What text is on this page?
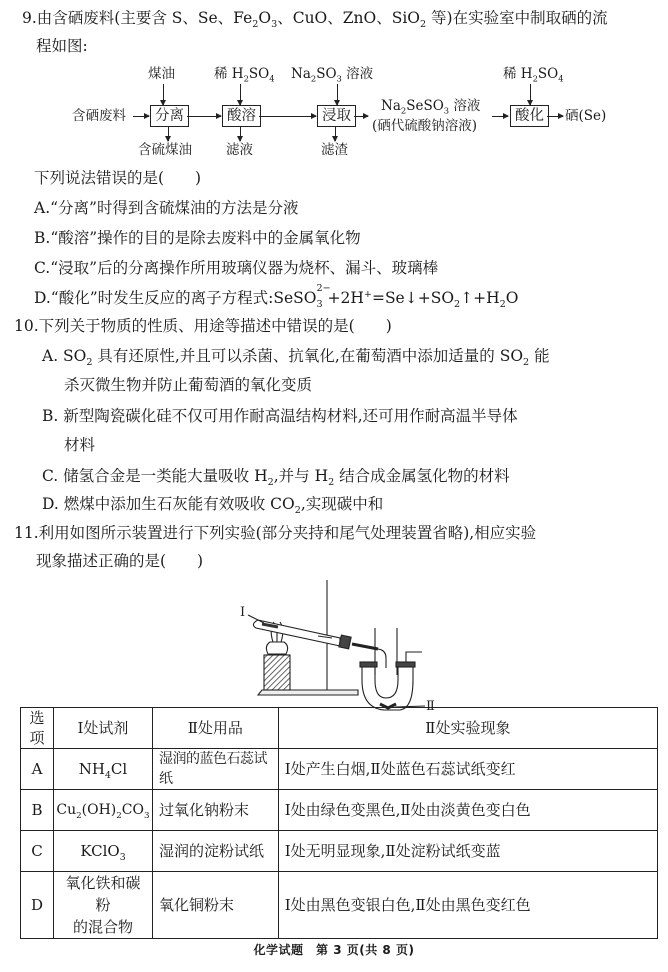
9.由含硒废料(主要含 S、Se、$Fe_2O_3$、CuO、ZnO、SiO$_2$ 等)在实验室中制取硒的流
程如图:
煤油	稀 $H_2SO_4$ $Na_2SO_3$ 溶液	稀 $H_2SO_4$
含硒废料	分离	酸溶	浸取
$Na_2SeSO_3$ 溶液
(硒代硫酸钠溶液)
酸化	硒(Se)
含硫煤油	滤液	滤渣
下列说法错误的是(　　)
A.“分离”时得到含硫煤油的方法是分液
B.“酸溶”操作的目的是除去废料中的金属氧化物
C.“浸取”后的分离操作所用玻璃仪器为烧杯、漏斗、玻璃棒
D.“酸化”时发生反应的离子方程式:SeSO
$_{2- 3} +2H^+=Se↓+SO_2↑+H_2O$
10.下列关于物质的性质、用途等描述中错误的是(　　)
A. $SO_2$ 具有还原性,并且可以杀菌、抗氧化,在葡萄酒中添加适量的 $SO_2$ 能
杀灭微生物并防止葡萄酒的氧化变质
B. 新型陶瓷碳化硅不仅可用作耐高温结构材料,还可用作耐高温半导体
材料
C. 储氢合金是一类能大量吸收 $H_2$,并与 $H_2$ 结合成金属氢化物的材料
D. 燃煤中添加生石灰能有效吸收 $CO_2$,实现碳中和
11.利用如图所示装置进行下列实验(部分夹持和尾气处理装置省略),相应实验
现象描述正确的是(　　)
Ⅰ
Ⅱ
选项	Ⅰ处试剂	Ⅱ处用品	Ⅱ处实验现象
A	$NH_4Cl$	湿润的蓝色石蕊试纸	Ⅰ处产生白烟,Ⅱ处蓝色石蕊试纸变红
B	$Cu_2(OH)_2CO_3$	过氧化钠粉末	Ⅰ处由绿色变黑色,Ⅱ处由淡黄色变白色
C	KClO$_3$	湿润的淀粉试纸	Ⅰ处无明显现象,Ⅱ处淀粉试纸变蓝
D	氧化铁和碳粉
的混合物	氧化铜粉末	Ⅰ处由黑色变银白色,Ⅱ处由黑色变红色
化学试题　第 3 页(共 8 页)
